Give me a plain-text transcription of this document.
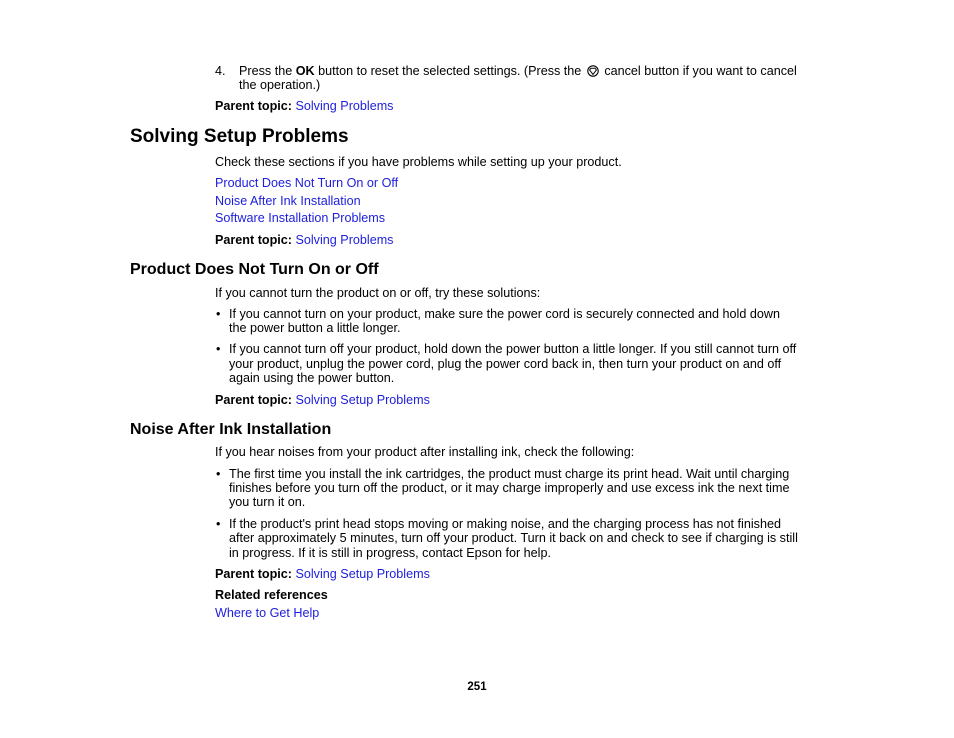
4. Press the OK button to reset the selected settings. (Press the cancel button if you want to cancel
the operation.)
Parent topic: Solving Problems
Solving Setup Problems
Check these sections if you have problems while setting up your product.
Product Does Not Turn On or Off
Noise After Ink Installation
Software Installation Problems
Parent topic: Solving Problems
Product Does Not Turn On or Off
If you cannot turn the product on or off, try these solutions:
• If you cannot turn on your product, make sure the power cord is securely connected and hold down
the power button a little longer.
• If you cannot turn off your product, hold down the power button a little longer. If you still cannot turn off
your product, unplug the power cord, plug the power cord back in, then turn your product on and off
again using the power button.
Parent topic: Solving Setup Problems
Noise After Ink Installation
If you hear noises from your product after installing ink, check the following:
• The first time you install the ink cartridges, the product must charge its print head. Wait until charging
finishes before you turn off the product, or it may charge improperly and use excess ink the next time
you turn it on.
• If the product's print head stops moving or making noise, and the charging process has not finished
after approximately 5 minutes, turn off your product. Turn it back on and check to see if charging is still
in progress. If it is still in progress, contact Epson for help.
Parent topic: Solving Setup Problems
Related references
Where to Get Help
251
